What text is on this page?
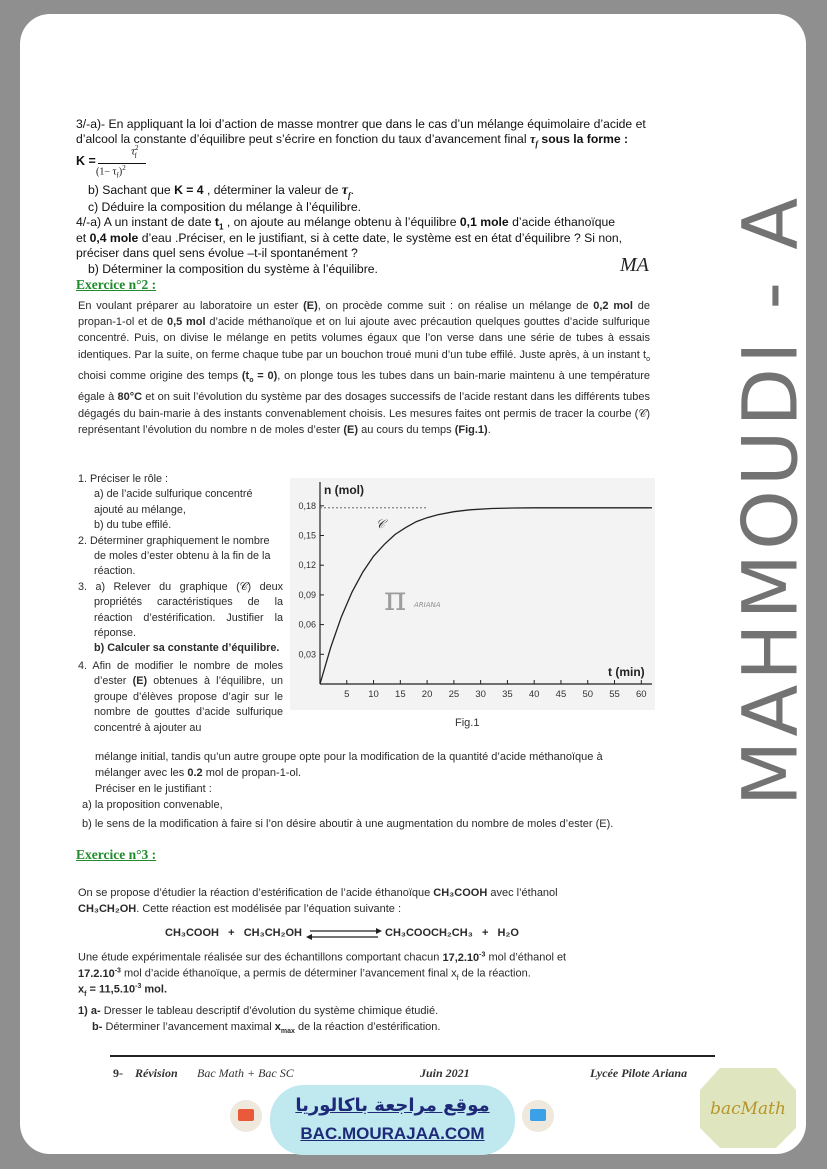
MAHMOUDI - A
3/-a)- En appliquant la loi d’action de masse montrer que dans le cas d’un mélange équimolaire d’acide et
d’alcool la constante d’équilibre peut s’écrire en fonction du taux d’avancement final $\tau_f$ sous la forme :
K =
$\tau^2_f$
$(1- \tau_f)^2$
b) Sachant que K = 4 , déterminer la valeur de $\tau_f$.
c) Déduire la composition du mélange à l’équilibre.
4/-a) A un instant de date $t_1$ , on ajoute au mélange obtenu à l’équilibre 0,1 mole d’acide éthanoïque
et 0,4 mole d’eau .Préciser, en le justifiant, si à cette date, le système est en état d’équilibre ? Si non,
préciser dans quel sens évolue –t-il spontanément ?
b) Déterminer la composition du système à l’équilibre.	MA
Exercice n°2 :
En voulant préparer au laboratoire un ester (E), on procède comme suit : on réalise un mélange de 0,2 mol de propan-1-ol et de 0,5 mol d’acide méthanoïque et on lui ajoute avec précaution quelques gouttes d’acide sulfurique concentré. Puis, on divise le mélange en petits volumes égaux que l’on verse dans une série de tubes à essais identiques. Par la suite, on ferme chaque tube par un bouchon troué muni d’un tube effilé. Juste après, à un instant $t_o$ choisi comme origine des temps $(t_o = 0)$, on plonge tous les tubes dans un bain-marie maintenu à une température égale à 80°C et on suit l’évolution du système par des dosages successifs de l’acide restant dans les différents tubes dégagés du bain-marie à des instants convenablement choisis. Les mesures faites ont permis de tracer la courbe (𝒞) représentant l’évolution du nombre n de moles d’ester (E) au cours du temps (Fig.1).

1. Préciser le rôle :

a) de l’acide sulfurique concentré ajouté au mélange,

b) du tube effilé.

2. Déterminer graphiquement le nombre de moles d’ester obtenu à la fin de la réaction.

3. a) Relever du graphique (𝒞) deux propriétés caractéristiques de la réaction d’estérification. Justifier la réponse.

b) Calculer sa constante d’équilibre.

4. Afin de modifier le nombre de moles d’ester (E) obtenues à l’équilibre, un groupe d’élèves propose d’agir sur le nombre de gouttes d’acide sulfurique concentré à ajouter au

5 10 15 20 25 30 35 40 45 50 55 60
0,03
0,06
0,09
0,12
0,15
0,18
n (mol)
t (min)
𝒞
π ARIANA
Fig.1
mélange initial, tandis qu’un autre groupe opte pour la modification de la quantité d’acide méthanoïque à
mélanger avec les 0.2 mol de propan-1-ol.
Préciser en le justifiant :
a) la proposition convenable,
b) le sens de la modification à faire si l’on désire aboutir à une augmentation du nombre de moles d’ester (E).
Exercice n°3 :
On se propose d’étudier la réaction d’estérification de l’acide éthanoïque CH₃COOH avec l’éthanol
CH₃CH₂OH. Cette réaction est modélisée par l’équation suivante :
CH₃COOH   +   CH₃CH₂OH	CH₃COOCH₂CH₃   +   H₂O
Une étude expérimentale réalisée sur des échantillons comportant chacun $17,2.10^{-3}$ mol d’éthanol et
$17.2.10^{-3}$ mol d’acide éthanoïque, a permis de déterminer l’avancement final $x_f$ de la réaction.
$x_f = 11,5.10^{-3}$ mol.
1) a- Dresser le tableau descriptif d’évolution du système chimique étudié.
b- Déterminer l’avancement maximal $x_{max}$ de la réaction d’estérification.
9- Révision Bac Math + Bac SC	Juin 2021	Lycée Pilote Ariana
موقع مراجعة باكالوريا
BAC.MOURAJAA.COM
bacMath
